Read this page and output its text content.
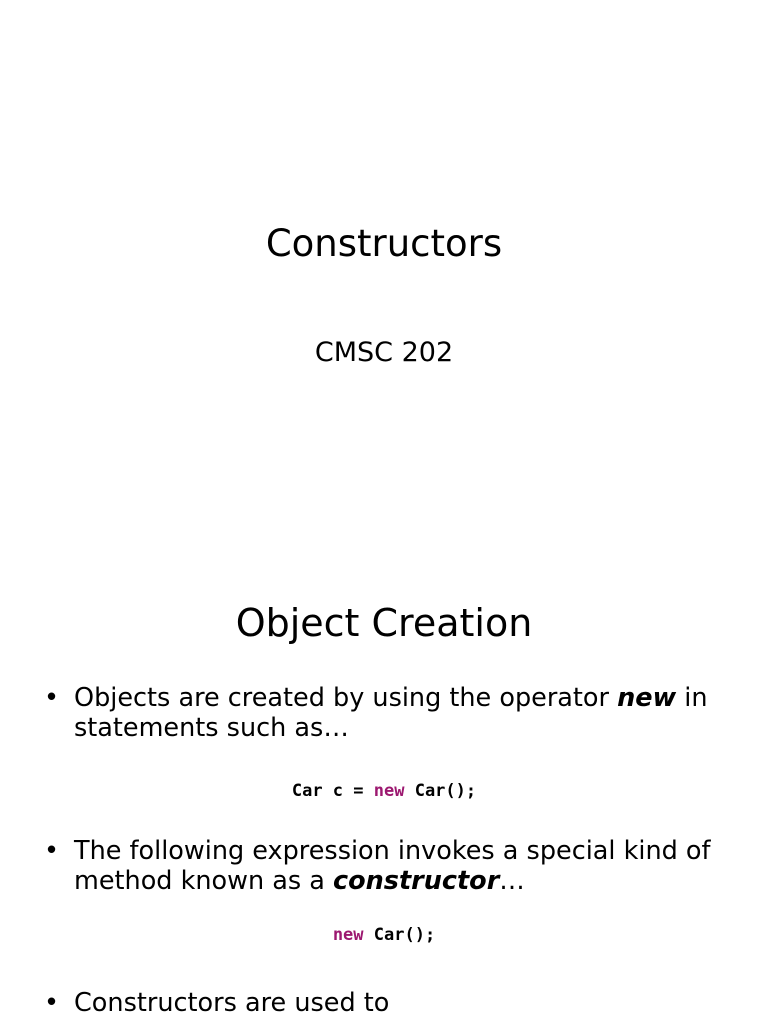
Constructors
CMSC 202
Object Creation
• Objects are created by using the operator new in statements such as…
Car c = new Car();
• The following expression invokes a special kind of method known as a constructor…
new Car();
• Constructors are used to
